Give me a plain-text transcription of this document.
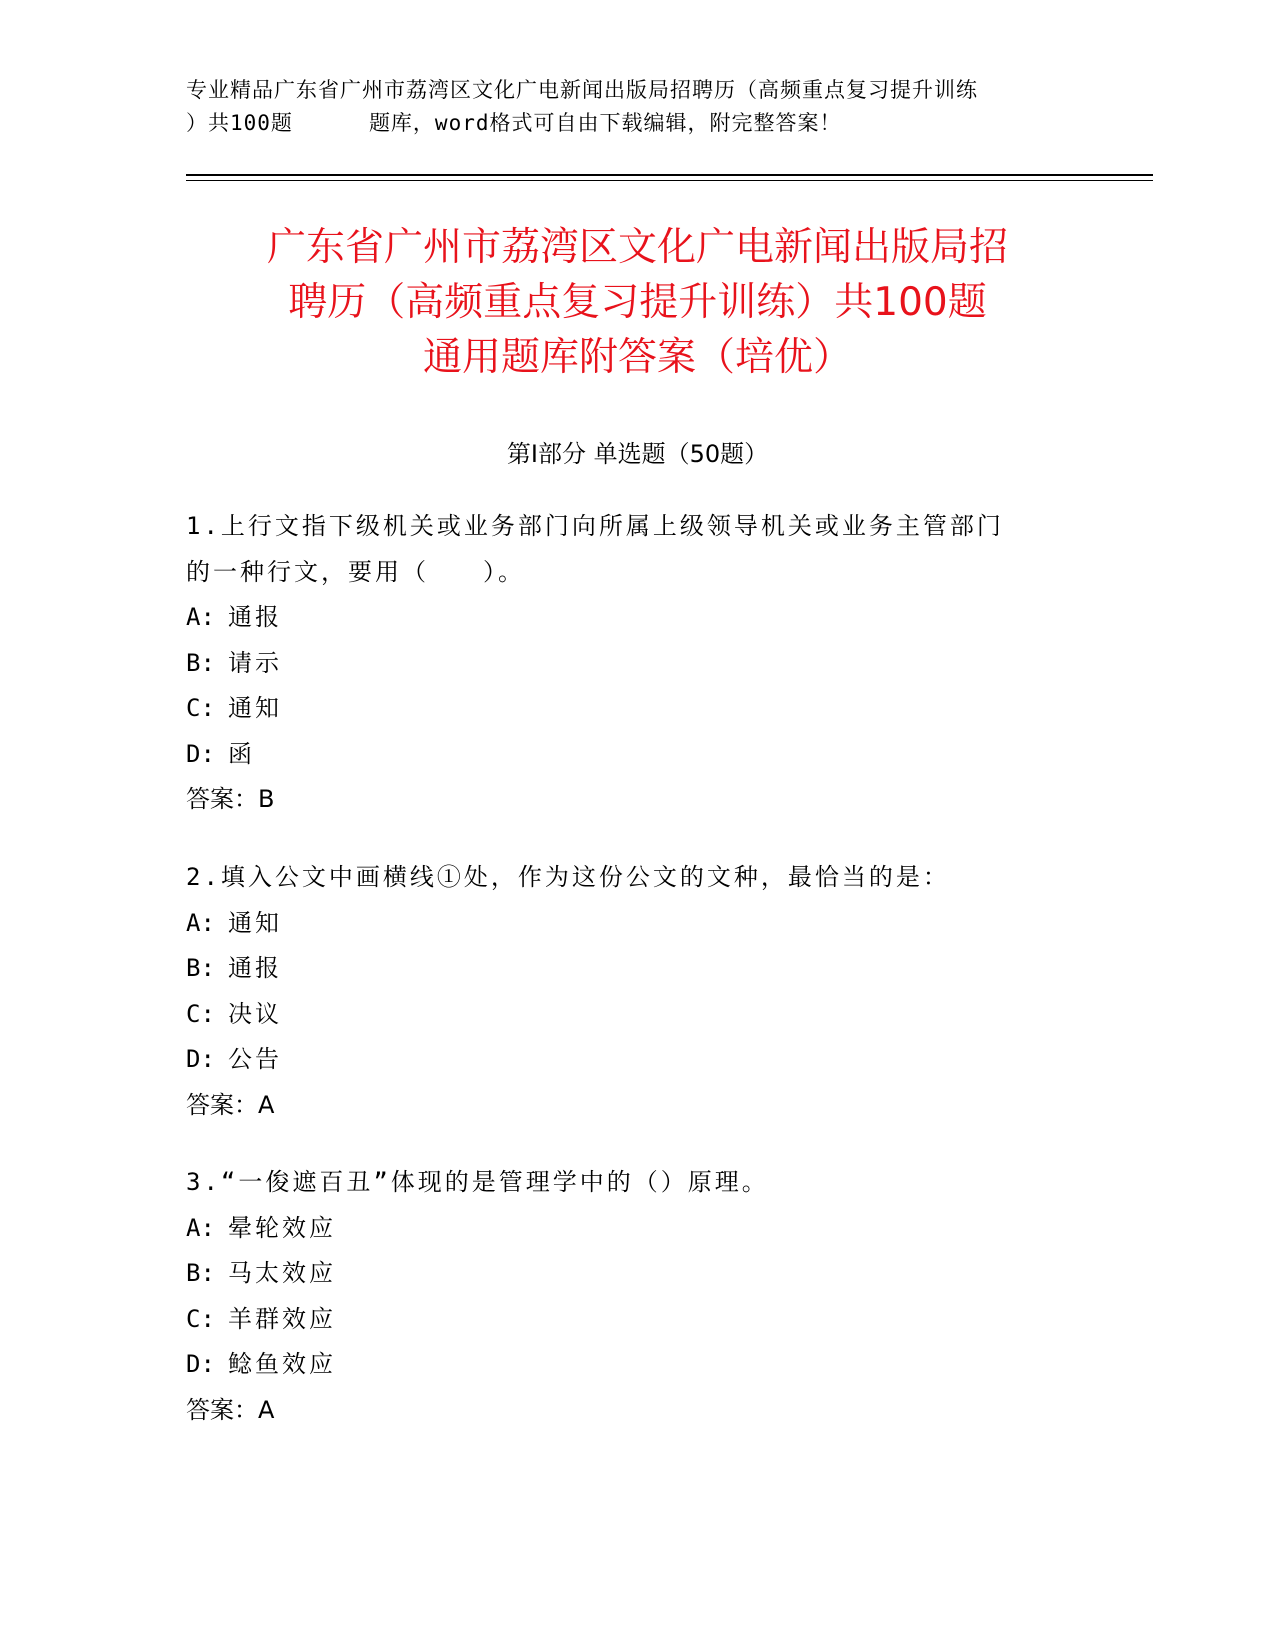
专业精品广东省广州市荔湾区文化广电新闻出版局招聘历（高频重点复习提升训练
）共100题	题库，word格式可自由下载编辑，附完整答案！
广东省广州市荔湾区文化广电新闻出版局招
聘历（高频重点复习提升训练）共100题
通用题库附答案（培优）
第Ⅰ部分 单选题（50题）
1.上行文指下级机关或业务部门向所属上级领导机关或业务主管部门
的一种行文，要用（　　）。
A: 通报
B: 请示
C: 通知
D: 函
答案：B
2.填入公文中画横线①处，作为这份公文的文种，最恰当的是：
A: 通知
B: 通报
C: 决议
D: 公告
答案：A
3.“一俊遮百丑”体现的是管理学中的（）原理。
A: 晕轮效应
B: 马太效应
C: 羊群效应
D: 鲶鱼效应
答案：A
